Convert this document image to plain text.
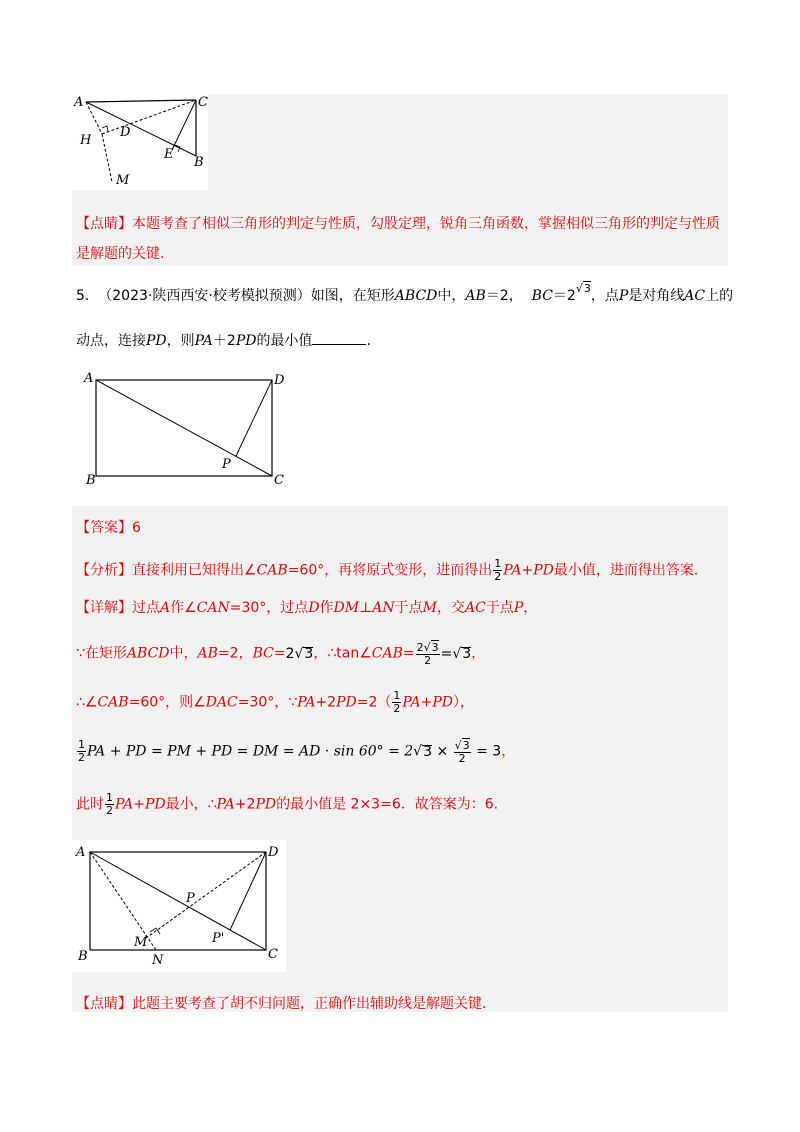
A	C
H
D
E
B
M
【点睛】本题考查了相似三角形的判定与性质，勾股定理，锐角三角函数，掌握相似三角形的判定与性质
是解题的关键.
5. （2023·陕西西安·校考模拟预测）如图，在矩形ABCD中，AB＝2， $BC=2^{√3}$，点P是对角线AC上的
动点，连接PD，则PA＋2PD的最小值	.
A	D
P
B	C
【答案】6
【分析】直接利用已知得出∠CAB=60°，再将原式变形，进而得出 $\frac{1}{2} PA+PD$最小值，进而得出答案.
【详解】过点A作∠CAN=30°，过点D作DM⊥AN于点M，交AC于点P，
∵在矩形ABCD中，AB=2，BC=2√3，∴tan∠CAB= $\frac{2√3}{2} =√3$，
∴∠CAB=60°，则∠DAC=30°，∵PA+2PD=2（ $\frac{1}{2} PA+PD$），
$\frac{1}{2}$ PA + PD = PM + PD = DM = AD · $\sin 60^\circ = 2√3 \times \frac{√3}{2} = 3$，
此时 $\frac{1}{2} PA+PD$最小，∴PA+2PD的最小值是 2×3=6．故答案为：6.
A	D
P
P'
M
B	N	C
【点睛】此题主要考查了胡不归问题，正确作出辅助线是解题关键.
